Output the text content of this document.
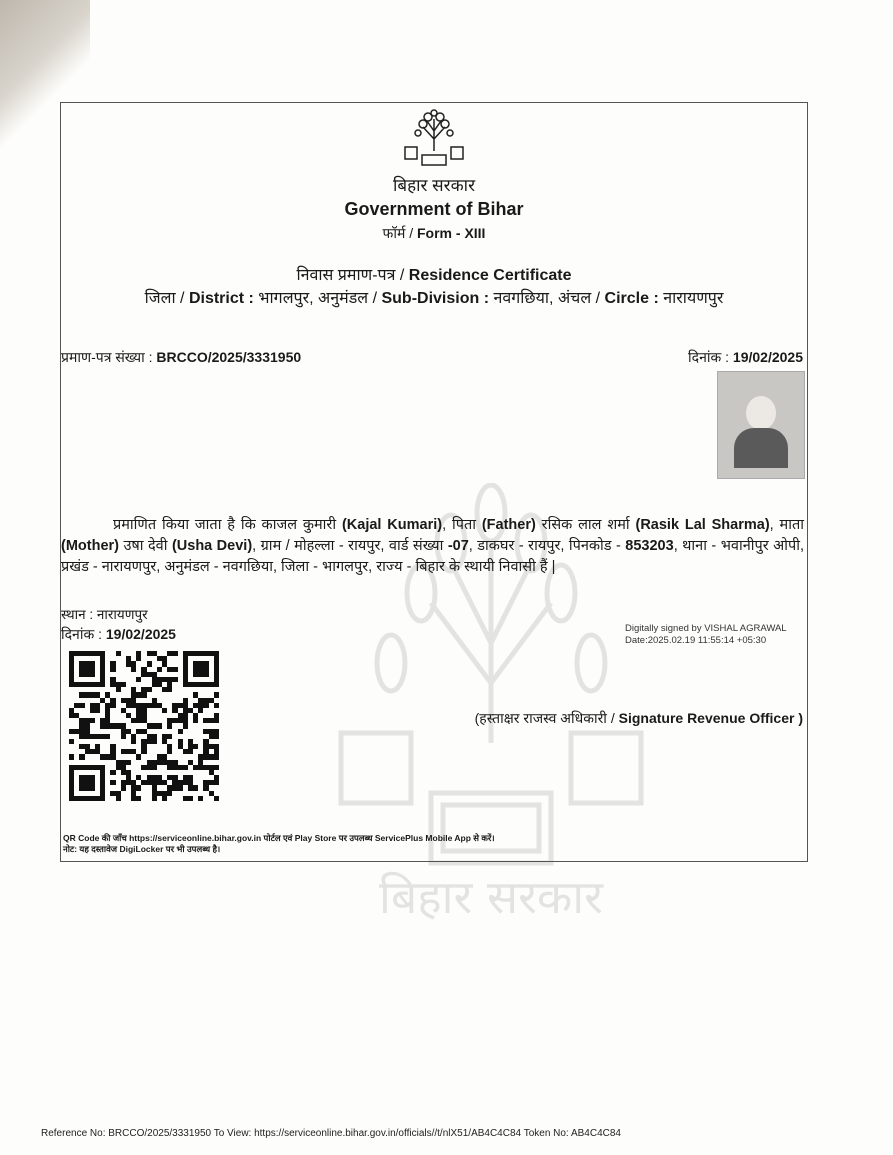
बिहार सरकार
बिहार सरकार
Government of Bihar
फॉर्म / Form - XIII
निवास प्रमाण-पत्र / Residence Certificate
जिला / District : भागलपुर, अनुमंडल / Sub-Division : नवगछिया, अंचल / Circle : नारायणपुर
प्रमाण-पत्र संख्या : BRCCO/2025/3331950	दिनांक : 19/02/2025
प्रमाणित किया जाता है कि काजल कुमारी (Kajal Kumari), पिता (Father) रसिक लाल शर्मा (Rasik Lal Sharma), माता (Mother) उषा देवी (Usha Devi), ग्राम / मोहल्ला - रायपुर, वार्ड संख्या -07, डाकघर - रायपुर, पिनकोड - 853203, थाना - भवानीपुर ओपी, प्रखंड - नारायणपुर, अनुमंडल - नवगछिया, जिला - भागलपुर, राज्य - बिहार के स्थायी निवासी हैं |
स्थान : नारायणपुर
दिनांक : 19/02/2025	Digitally signed by VISHAL AGRAWAL
Date:2025.02.19 11:55:14 +05:30
(हस्ताक्षर राजस्व अधिकारी / Signature Revenue Officer )
QR Code की जाँच https://serviceonline.bihar.gov.in पोर्टल एवं Play Store पर उपलब्ध ServicePlus Mobile App से करें।
नोट: यह दस्तावेज DigiLocker पर भी उपलब्ध है।
Reference No: BRCCO/2025/3331950 To View: https://serviceonline.bihar.gov.in/officials//t/nlX51/AB4C4C84 Token No: AB4C4C84
